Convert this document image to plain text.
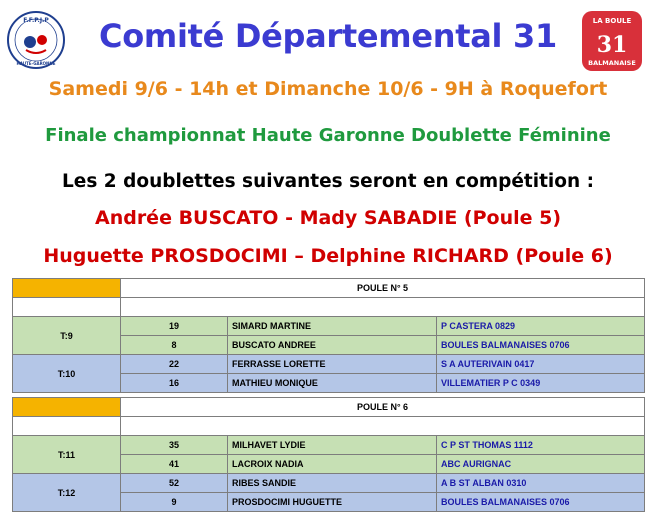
F.F.P.J.P
HAUTE-GARONNE
Comité Départemental 31	LA BOULE
31
BALMANAISE
Samedi 9/6 - 14h et Dimanche 10/6 - 9H à Roquefort
Finale championnat Haute Garonne Doublette Féminine
Les 2 doublettes suivantes seront en compétition :
Andrée BUSCATO - Mady SABADIE (Poule 5)
Huguette PROSDOCIMI – Delphine RICHARD (Poule 6)
	POULE N° 5		

T:9	19	SIMARD MARTINE	P CASTERA 0829
	8	BUSCATO ANDREE	BOULES BALMANAISES 0706
T:10	22	FERRASSE LORETTE	S A AUTERIVAIN 0417
	16	MATHIEU MONIQUE	VILLEMATIER P C 0349

	POULE N° 6		

T:11	35	MILHAVET LYDIE	C P ST THOMAS 1112
	41	LACROIX NADIA	ABC AURIGNAC
T:12	52	RIBES SANDIE	A B ST ALBAN 0310
	9	PROSDOCIMI HUGUETTE	BOULES BALMANAISES 0706
